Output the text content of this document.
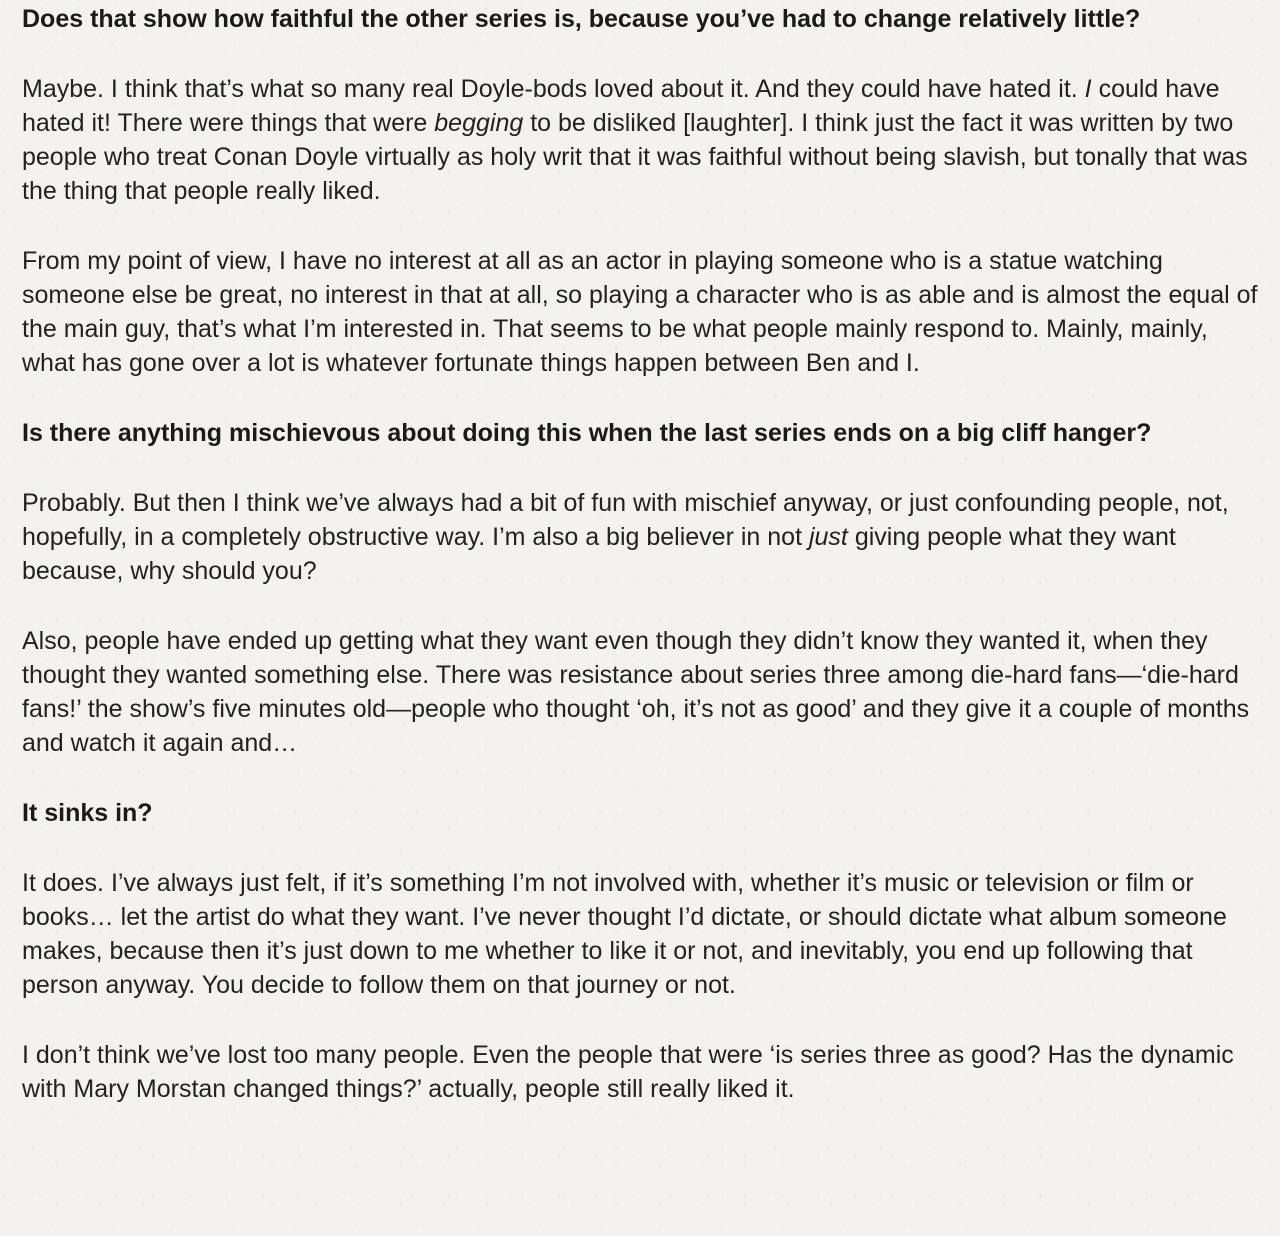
Does that show how faithful the other series is, because you’ve had to change relatively little?

Maybe. I think that’s what so many real Doyle-bods loved about it. And they could have hated it. I could have hated it! There were things that were begging to be disliked [laughter]. I think just the fact it was written by two people who treat Conan Doyle virtually as holy writ that it was faithful without being slavish, but tonally that was the thing that people really liked.

From my point of view, I have no interest at all as an actor in playing someone who is a statue watching someone else be great, no interest in that at all, so playing a character who is as able and is almost the equal of the main guy, that’s what I’m interested in. That seems to be what people mainly respond to. Mainly, mainly, what has gone over a lot is whatever fortunate things happen between Ben and I.

Is there anything mischievous about doing this when the last series ends on a big cliff hanger?

Probably. But then I think we’ve always had a bit of fun with mischief anyway, or just confounding people, not, hopefully, in a completely obstructive way. I’m also a big believer in not just giving people what they want because, why should you?

Also, people have ended up getting what they want even though they didn’t know they wanted it, when they thought they wanted something else. There was resistance about series three among die-hard fans—‘die-hard fans!’ the show’s five minutes old—people who thought ‘oh, it’s not as good’ and they give it a couple of months and watch it again and…

It sinks in?

It does. I’ve always just felt, if it’s something I’m not involved with, whether it’s music or television or film or books… let the artist do what they want. I’ve never thought I’d dictate, or should dictate what album someone makes, because then it’s just down to me whether to like it or not, and inevitably, you end up following that person anyway. You decide to follow them on that journey or not.

I don’t think we’ve lost too many people. Even the people that were ‘is series three as good? Has the dynamic with Mary Morstan changed things?’ actually, people still really liked it.
